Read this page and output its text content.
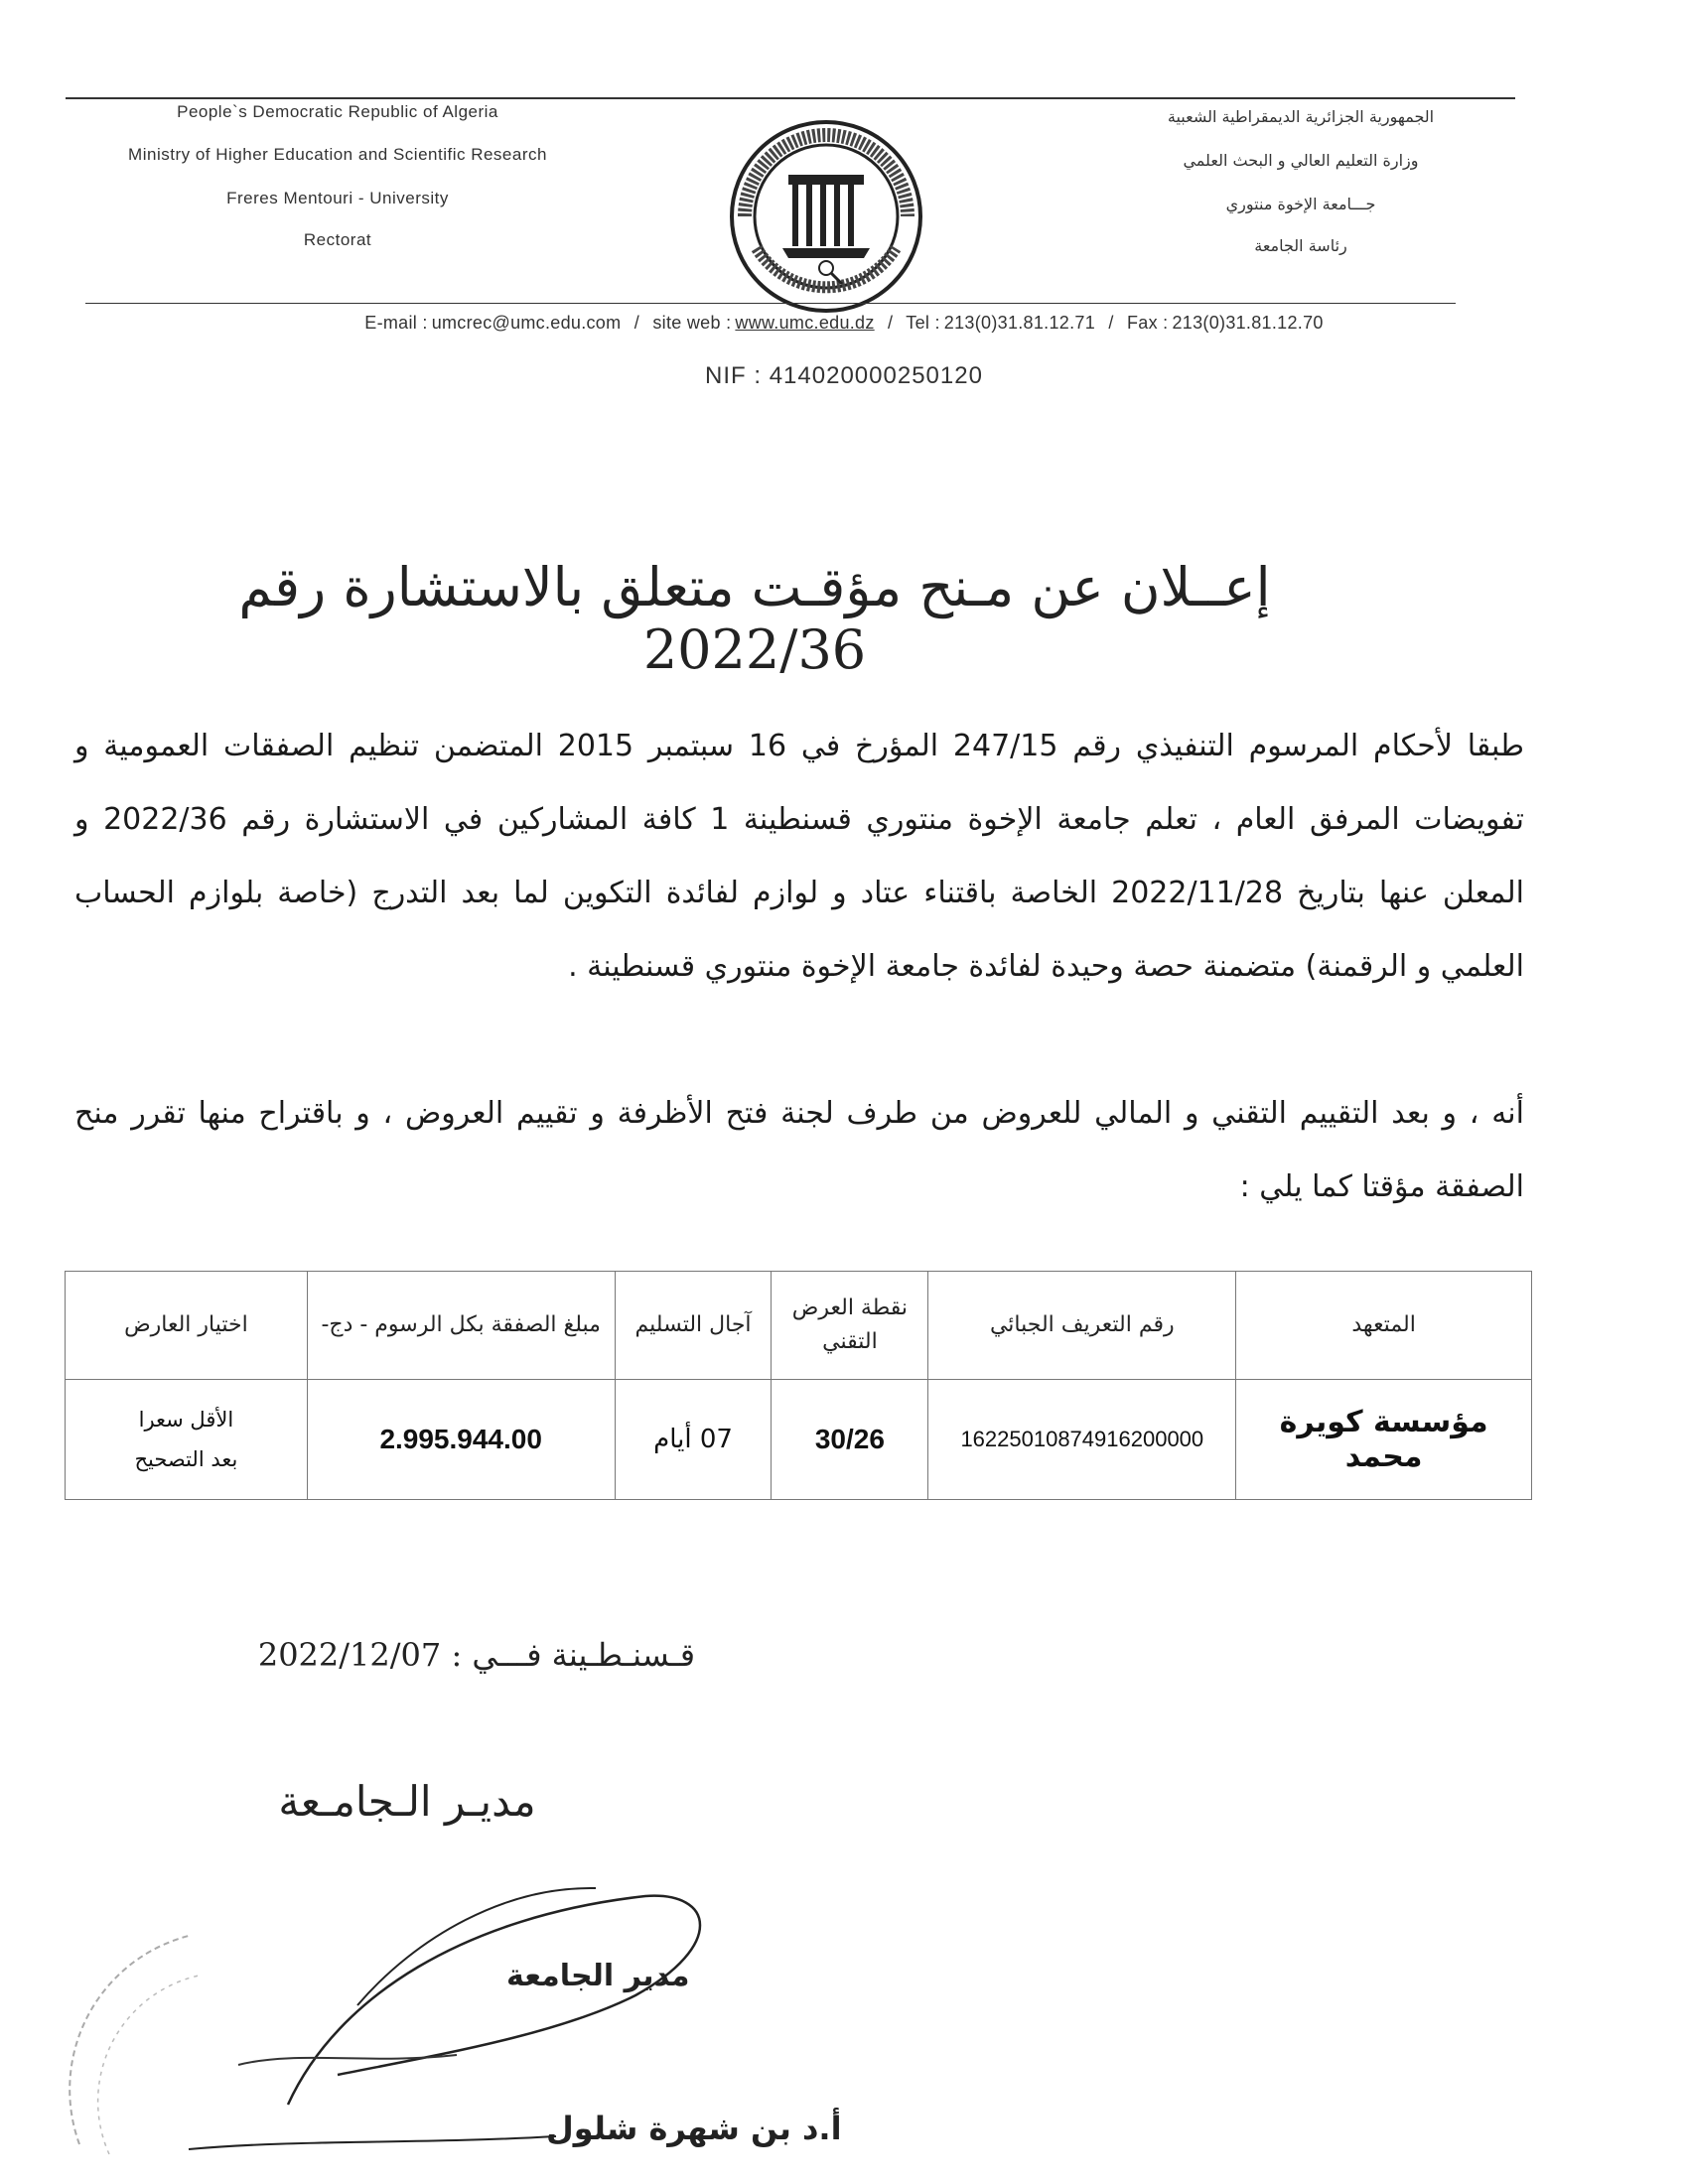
People`s Democratic Republic of Algeria
Ministry of Higher Education and Scientific Research
Freres Mentouri - University
Rectorat
الجمهورية الجزائرية الديمقراطية الشعبية
وزارة التعليم العالي و البحث العلمي
جـــامعة الإخوة منتوري
رئاسة الجامعة
E-mail : umcrec@umc.edu.com / site web : www.umc.edu.dz / Tel : 213(0)31.81.12.71 / Fax : 213(0)31.81.12.70
NIF : 414020000250120
إعــلان عن مـنح مؤقـت متعلق بالاستشارة رقم 2022/36
طبقا لأحكام المرسوم التنفيذي رقم 247/15 المؤرخ في 16 سبتمبر 2015 المتضمن تنظيم الصفقات العمومية و تفويضات المرفق العام ، تعلم جامعة الإخوة منتوري قسنطينة 1 كافة المشاركين في الاستشارة رقم 2022/36 و المعلن عنها بتاريخ 2022/11/28 الخاصة باقتناء عتاد و لوازم لفائدة التكوين لما بعد التدرج (خاصة بلوازم الحساب العلمي و الرقمنة) متضمنة حصة وحيدة لفائدة جامعة الإخوة منتوري قسنطينة .
أنه ، و بعد التقييم التقني و المالي للعروض من طرف لجنة فتح الأظرفة و تقييم العروض ، و باقتراح منها تقرر منح الصفقة مؤقتا كما يلي :
المتعهد	رقم التعريف الجبائي	نقطة العرض التقني	آجال التسليم	مبلغ الصفقة بكل الرسوم - دج-	اختيار العارض
مؤسسة كويرة محمد	16225010874916200000	30/26	07 أيام	2.995.944.00	الأقل سعرا
بعد التصحيح
قـسنـطـينة فـــي : 2022/12/07
مديـر الـجامـعة
مدير الجامعة
أ.د بن شهرة شلول
